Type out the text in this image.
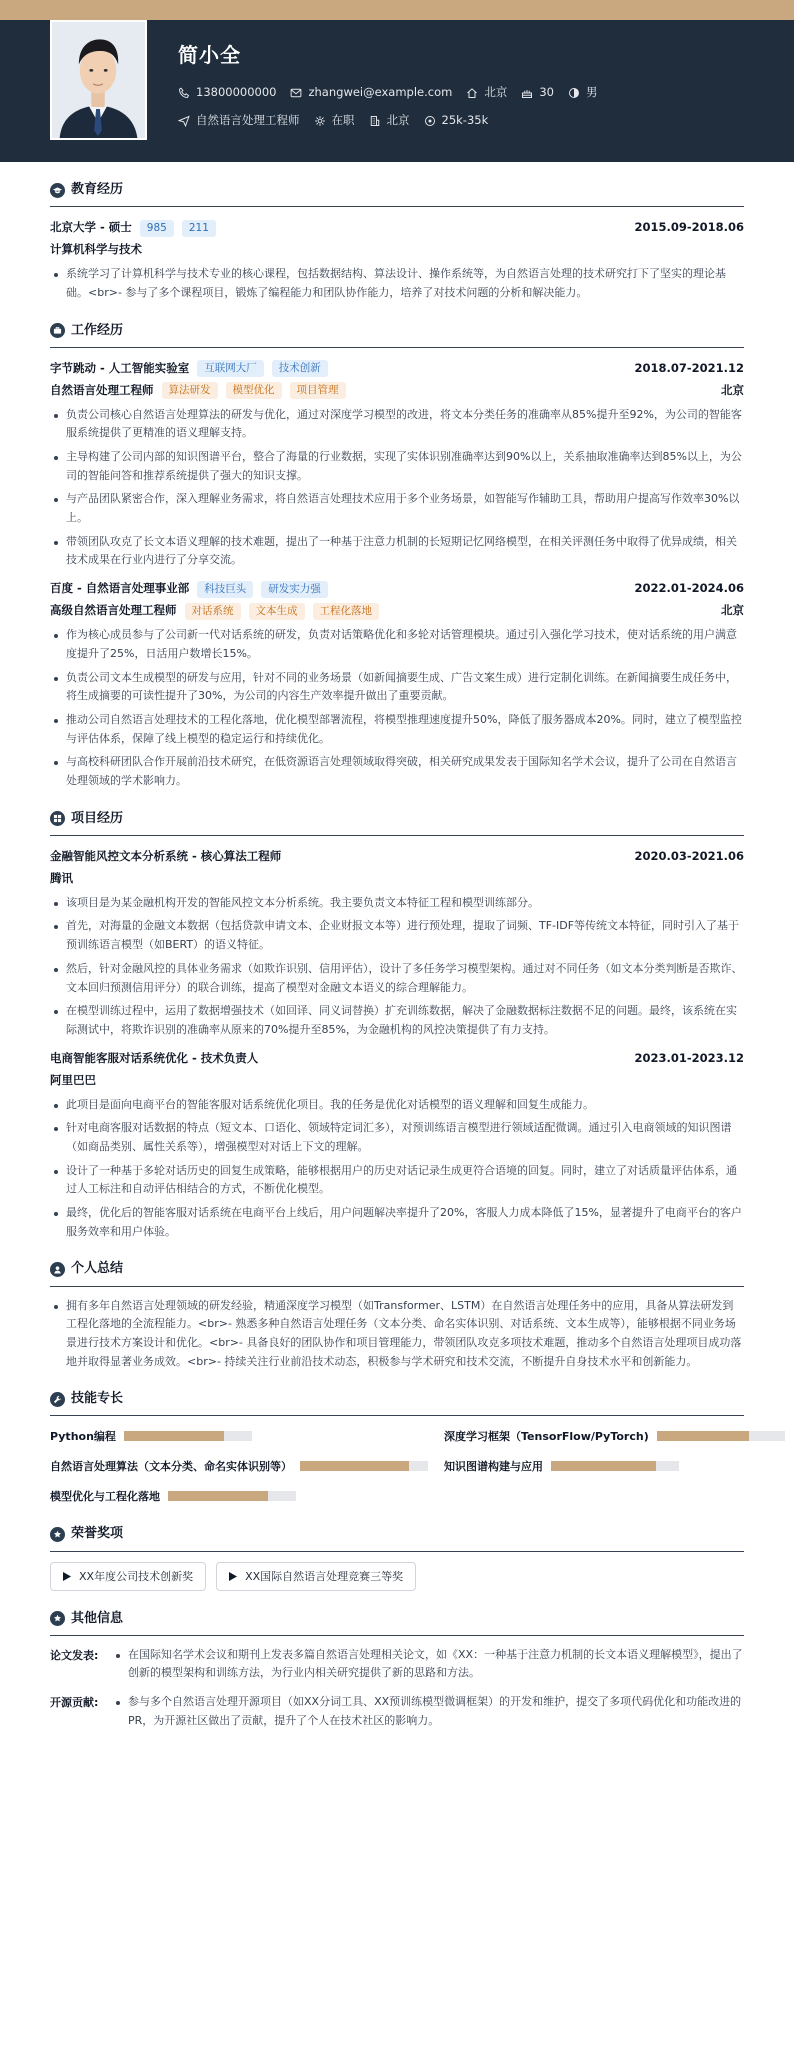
简小全
13800000000	zhangwei@example.com	北京	30	男
自然语言处理工程师	在职	北京	25k-35k
教育经历
北京大学 - 硕士	985	211	2015.09-2018.06
计算机科学与技术
系统学习了计算机科学与技术专业的核心课程，包括数据结构、算法设计、操作系统等，为自然语言处理的技术研究打下了坚实的理论基础。<br>- 参与了多个课程项目，锻炼了编程能力和团队协作能力，培养了对技术问题的分析和解决能力。
工作经历
字节跳动 - 人工智能实验室	互联网大厂	技术创新	2018.07-2021.12
自然语言处理工程师	算法研发	模型优化	项目管理	北京
负责公司核心自然语言处理算法的研发与优化，通过对深度学习模型的改进，将文本分类任务的准确率从85%提升至92%，为公司的智能客服系统提供了更精准的语义理解支持。
主导构建了公司内部的知识图谱平台，整合了海量的行业数据，实现了实体识别准确率达到90%以上，关系抽取准确率达到85%以上，为公司的智能问答和推荐系统提供了强大的知识支撑。
与产品团队紧密合作，深入理解业务需求，将自然语言处理技术应用于多个业务场景，如智能写作辅助工具，帮助用户提高写作效率30%以上。
带领团队攻克了长文本语义理解的技术难题，提出了一种基于注意力机制的长短期记忆网络模型，在相关评测任务中取得了优异成绩，相关技术成果在行业内进行了分享交流。
百度 - 自然语言处理事业部	科技巨头	研发实力强	2022.01-2024.06
高级自然语言处理工程师	对话系统	文本生成	工程化落地	北京
作为核心成员参与了公司新一代对话系统的研发，负责对话策略优化和多轮对话管理模块。通过引入强化学习技术，使对话系统的用户满意度提升了25%，日活用户数增长15%。
负责公司文本生成模型的研发与应用，针对不同的业务场景（如新闻摘要生成、广告文案生成）进行定制化训练。在新闻摘要生成任务中，将生成摘要的可读性提升了30%，为公司的内容生产效率提升做出了重要贡献。
推动公司自然语言处理技术的工程化落地，优化模型部署流程，将模型推理速度提升50%，降低了服务器成本20%。同时，建立了模型监控与评估体系，保障了线上模型的稳定运行和持续优化。
与高校科研团队合作开展前沿技术研究，在低资源语言处理领域取得突破，相关研究成果发表于国际知名学术会议，提升了公司在自然语言处理领域的学术影响力。
项目经历
金融智能风控文本分析系统 - 核心算法工程师	2020.03-2021.06
腾讯
该项目是为某金融机构开发的智能风控文本分析系统。我主要负责文本特征工程和模型训练部分。
首先，对海量的金融文本数据（包括贷款申请文本、企业财报文本等）进行预处理，提取了词频、TF-IDF等传统文本特征，同时引入了基于预训练语言模型（如BERT）的语义特征。
然后，针对金融风控的具体业务需求（如欺诈识别、信用评估），设计了多任务学习模型架构。通过对不同任务（如文本分类判断是否欺诈、文本回归预测信用评分）的联合训练，提高了模型对金融文本语义的综合理解能力。
在模型训练过程中，运用了数据增强技术（如回译、同义词替换）扩充训练数据，解决了金融数据标注数据不足的问题。最终，该系统在实际测试中，将欺诈识别的准确率从原来的70%提升至85%，为金融机构的风控决策提供了有力支持。
电商智能客服对话系统优化 - 技术负责人	2023.01-2023.12
阿里巴巴
此项目是面向电商平台的智能客服对话系统优化项目。我的任务是优化对话模型的语义理解和回复生成能力。
针对电商客服对话数据的特点（短文本、口语化、领域特定词汇多），对预训练语言模型进行领域适配微调。通过引入电商领域的知识图谱（如商品类别、属性关系等），增强模型对对话上下文的理解。
设计了一种基于多轮对话历史的回复生成策略，能够根据用户的历史对话记录生成更符合语境的回复。同时，建立了对话质量评估体系，通过人工标注和自动评估相结合的方式，不断优化模型。
最终，优化后的智能客服对话系统在电商平台上线后，用户问题解决率提升了20%，客服人力成本降低了15%，显著提升了电商平台的客户服务效率和用户体验。
个人总结
拥有多年自然语言处理领域的研发经验，精通深度学习模型（如Transformer、LSTM）在自然语言处理任务中的应用，具备从算法研发到工程化落地的全流程能力。<br>- 熟悉多种自然语言处理任务（文本分类、命名实体识别、对话系统、文本生成等），能够根据不同业务场景进行技术方案设计和优化。<br>- 具备良好的团队协作和项目管理能力，带领团队攻克多项技术难题，推动多个自然语言处理项目成功落地并取得显著业务成效。<br>- 持续关注行业前沿技术动态，积极参与学术研究和技术交流，不断提升自身技术水平和创新能力。
技能专长
Python编程	深度学习框架（TensorFlow/PyTorch)
自然语言处理算法（文本分类、命名实体识别等）	知识图谱构建与应用
模型优化与工程化落地
荣誉奖项
XX年度公司技术创新奖	XX国际自然语言处理竞赛三等奖
其他信息
论文发表:	在国际知名学术会议和期刊上发表多篇自然语言处理相关论文，如《XX：一种基于注意力机制的长文本语义理解模型》，提出了创新的模型架构和训练方法，为行业内相关研究提供了新的思路和方法。
开源贡献:	参与多个自然语言处理开源项目（如XX分词工具、XX预训练模型微调框架）的开发和维护，提交了多项代码优化和功能改进的PR，为开源社区做出了贡献，提升了个人在技术社区的影响力。
